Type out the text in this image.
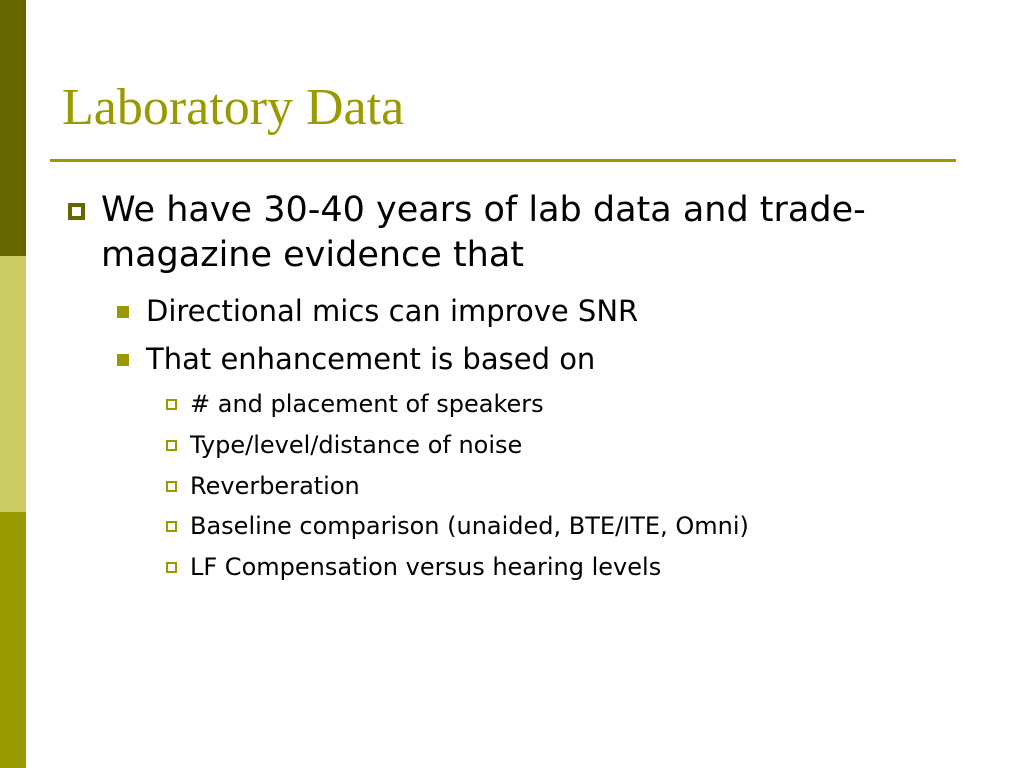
Laboratory Data
We have 30-40 years of lab data and trade-magazine evidence that
Directional mics can improve SNR
That enhancement is based on
# and placement of speakers
Type/level/distance of noise
Reverberation
Baseline comparison (unaided, BTE/ITE, Omni)
LF Compensation versus hearing levels
